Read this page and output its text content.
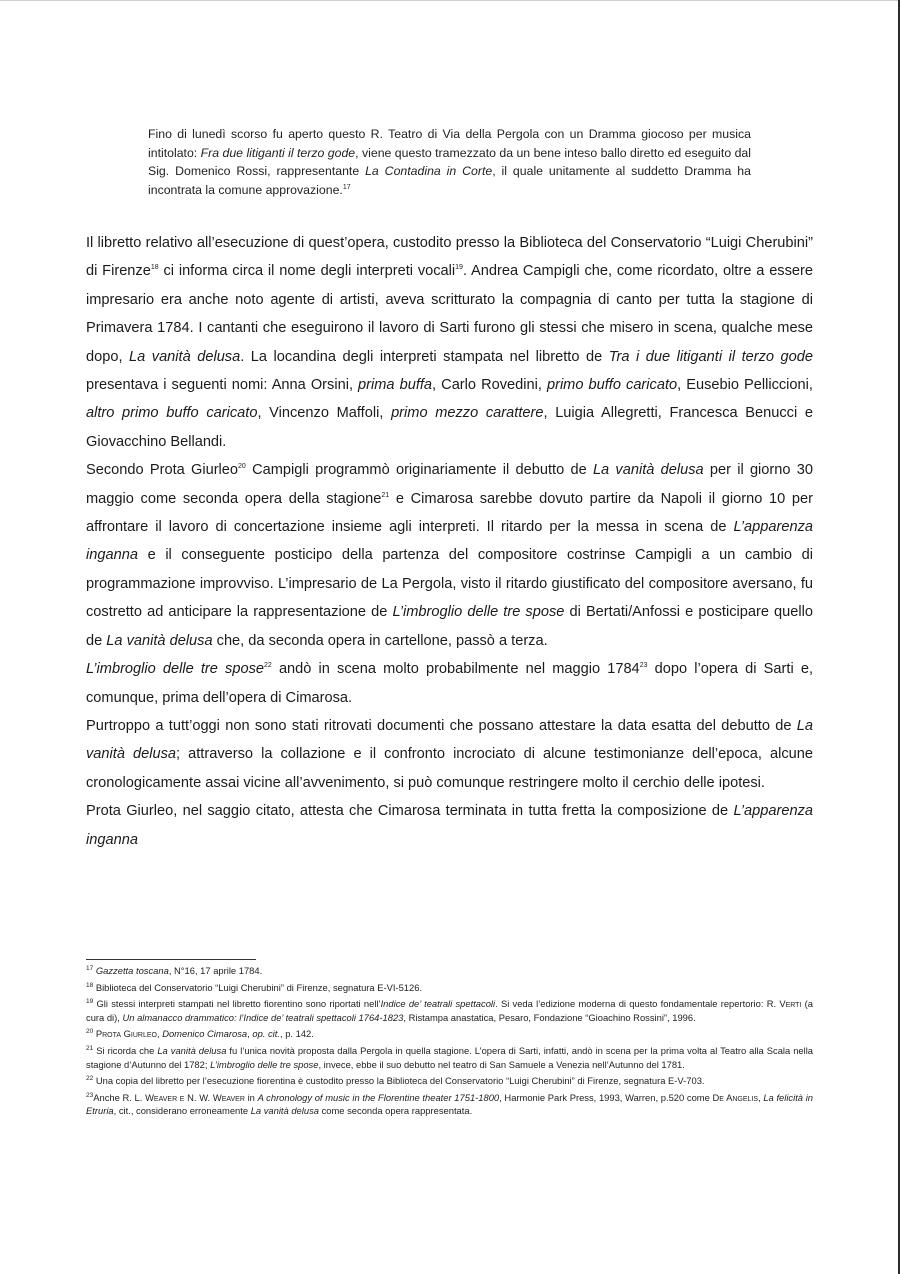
Fino di lunedì scorso fu aperto questo R. Teatro di Via della Pergola con un Dramma giocoso per musica intitolato: Fra due litiganti il terzo gode, viene questo tramezzato da un bene inteso ballo diretto ed eseguito dal Sig. Domenico Rossi, rappresentante La Contadina in Corte, il quale unitamente al suddetto Dramma ha incontrata la comune approvazione.$^{17}$

Il libretto relativo all’esecuzione di quest’opera, custodito presso la Biblioteca del Conservatorio “Luigi Cherubini” di Firenze$^{18}$ ci informa circa il nome degli interpreti vocali$^{19}$. Andrea Campigli che, come ricordato, oltre a essere impresario era anche noto agente di artisti, aveva scritturato la compagnia di canto per tutta la stagione di Primavera 1784. I cantanti che eseguirono il lavoro di Sarti furono gli stessi che misero in scena, qualche mese dopo, La vanità delusa. La locandina degli interpreti stampata nel libretto de Tra i due litiganti il terzo gode presentava i seguenti nomi: Anna Orsini, prima buffa, Carlo Rovedini, primo buffo caricato, Eusebio Pelliccioni, altro primo buffo caricato, Vincenzo Maffoli, primo mezzo carattere, Luigia Allegretti, Francesca Benucci e Giovacchino Bellandi.

Secondo Prota Giurleo$^{20}$ Campigli programmò originariamente il debutto de La vanità delusa per il giorno 30 maggio come seconda opera della stagione$^{21}$ e Cimarosa sarebbe dovuto partire da Napoli il giorno 10 per affrontare il lavoro di concertazione insieme agli interpreti. Il ritardo per la messa in scena de L’apparenza inganna e il conseguente posticipo della partenza del compositore costrinse Campigli a un cambio di programmazione improvviso. L’impresario de La Pergola, visto il ritardo giustificato del compositore aversano, fu costretto ad anticipare la rappresentazione de L’imbroglio delle tre spose di Bertati/Anfossi e posticipare quello de La vanità delusa che, da seconda opera in cartellone, passò a terza.

L’imbroglio delle tre spose$^{22}$ andò in scena molto probabilmente nel maggio 1784$^{23}$ dopo l’opera di Sarti e, comunque, prima dell’opera di Cimarosa.

Purtroppo a tutt’oggi non sono stati ritrovati documenti che possano attestare la data esatta del debutto de La vanità delusa; attraverso la collazione e il confronto incrociato di alcune testimonianze dell’epoca, alcune cronologicamente assai vicine all’avvenimento, si può comunque restringere molto il cerchio delle ipotesi.

Prota Giurleo, nel saggio citato, attesta che Cimarosa terminata in tutta fretta la composizione de L’apparenza inganna

$^{17}$ Gazzetta toscana, N°16, 17 aprile 1784.

$^{18}$ Biblioteca del Conservatorio “Luigi Cherubini” di Firenze, segnatura E-VI-5126.

$^{19}$ Gli stessi interpreti stampati nel libretto fiorentino sono riportati nell’Indice de’ teatrali spettacoli. Si veda l’edizione moderna di questo fondamentale repertorio: R. Verti (a cura di), Un almanacco drammatico: l’Indice de’ teatrali spettacoli 1764-1823, Ristampa anastatica, Pesaro, Fondazione “Gioachino Rossini”, 1996.

$^{20}$ Prota Giurleo, Domenico Cimarosa, op. cit., p. 142.

$^{21}$ Si ricorda che La vanità delusa fu l’unica novità proposta dalla Pergola in quella stagione. L’opera di Sarti, infatti, andò in scena per la prima volta al Teatro alla Scala nella stagione d’Autunno del 1782; L’imbroglio delle tre spose, invece, ebbe il suo debutto nel teatro di San Samuele a Venezia nell’Autunno del 1781.

$^{22}$ Una copia del libretto per l’esecuzione fiorentina è custodito presso la Biblioteca del Conservatorio “Luigi Cherubini” di Firenze, segnatura E-V-703.

$^{23}$Anche R. L. Weaver e N. W. Weaver in A chronology of music in the Florentine theater 1751-1800, Harmonie Park Press, 1993, Warren, p.520 come De Angelis, La felicità in Etruria, cit., considerano erroneamente La vanità delusa come seconda opera rappresentata.
